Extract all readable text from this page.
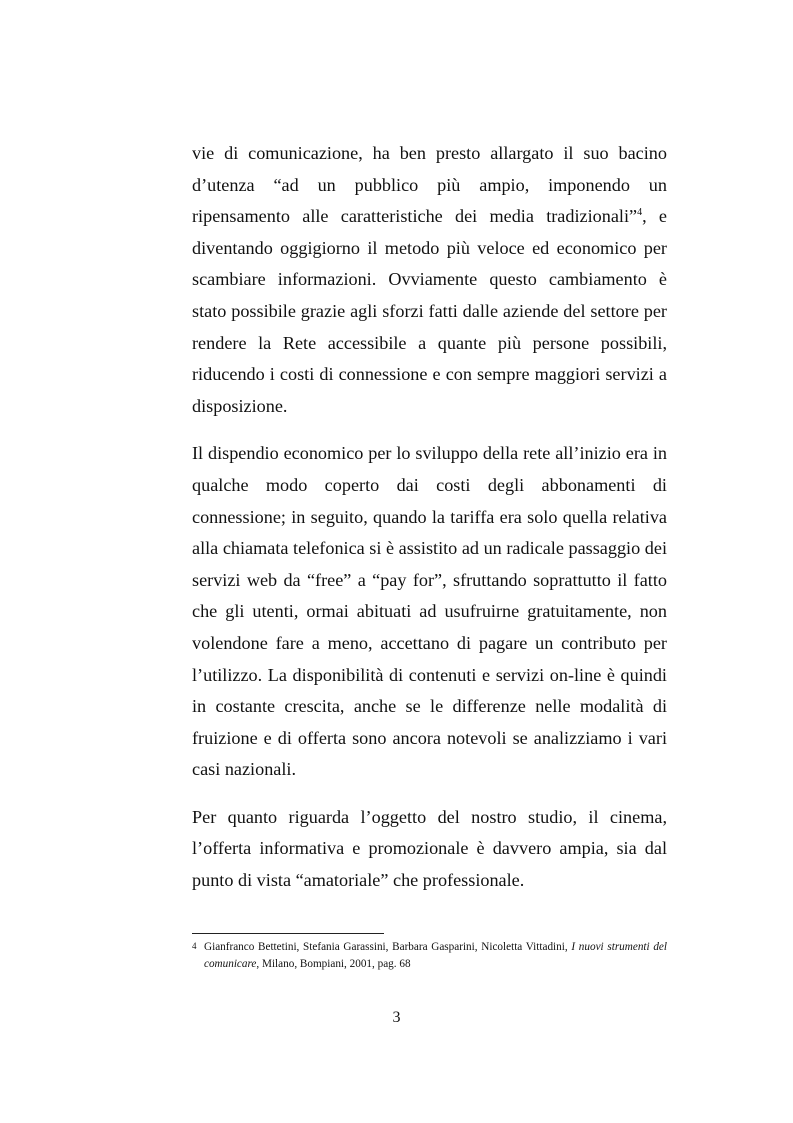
vie di comunicazione, ha ben presto allargato il suo bacino d’utenza “ad un pubblico più ampio, imponendo un ripensamento alle caratteristiche dei media tradizionali”$^4$, e diventando oggigiorno il metodo più veloce ed economico per scambiare informazioni. Ovviamente questo cambiamento è stato possibile grazie agli sforzi fatti dalle aziende del settore per rendere la Rete accessibile a quante più persone possibili, riducendo i costi di connessione e con sempre maggiori servizi a disposizione.

Il dispendio economico per lo sviluppo della rete all’inizio era in qualche modo coperto dai costi degli abbonamenti di connessione; in seguito, quando la tariffa era solo quella relativa alla chiamata telefonica si è assistito ad un radicale passaggio dei servizi web da “free” a “pay for”, sfruttando soprattutto il fatto che gli utenti, ormai abituati ad usufruirne gratuitamente, non volendone fare a meno, accettano di pagare un contributo per l’utilizzo. La disponibilità di contenuti e servizi on-line è quindi in costante crescita, anche se le differenze nelle modalità di fruizione e di offerta sono ancora notevoli se analizziamo i vari casi nazionali.

Per quanto riguarda l’oggetto del nostro studio, il cinema, l’offerta informativa e promozionale è davvero ampia, sia dal punto di vista “amatoriale” che professionale.

4 Gianfranco Bettetini, Stefania Garassini, Barbara Gasparini, Nicoletta Vittadini, I nuovi strumenti del comunicare, Milano, Bompiani, 2001, pag. 68
3
